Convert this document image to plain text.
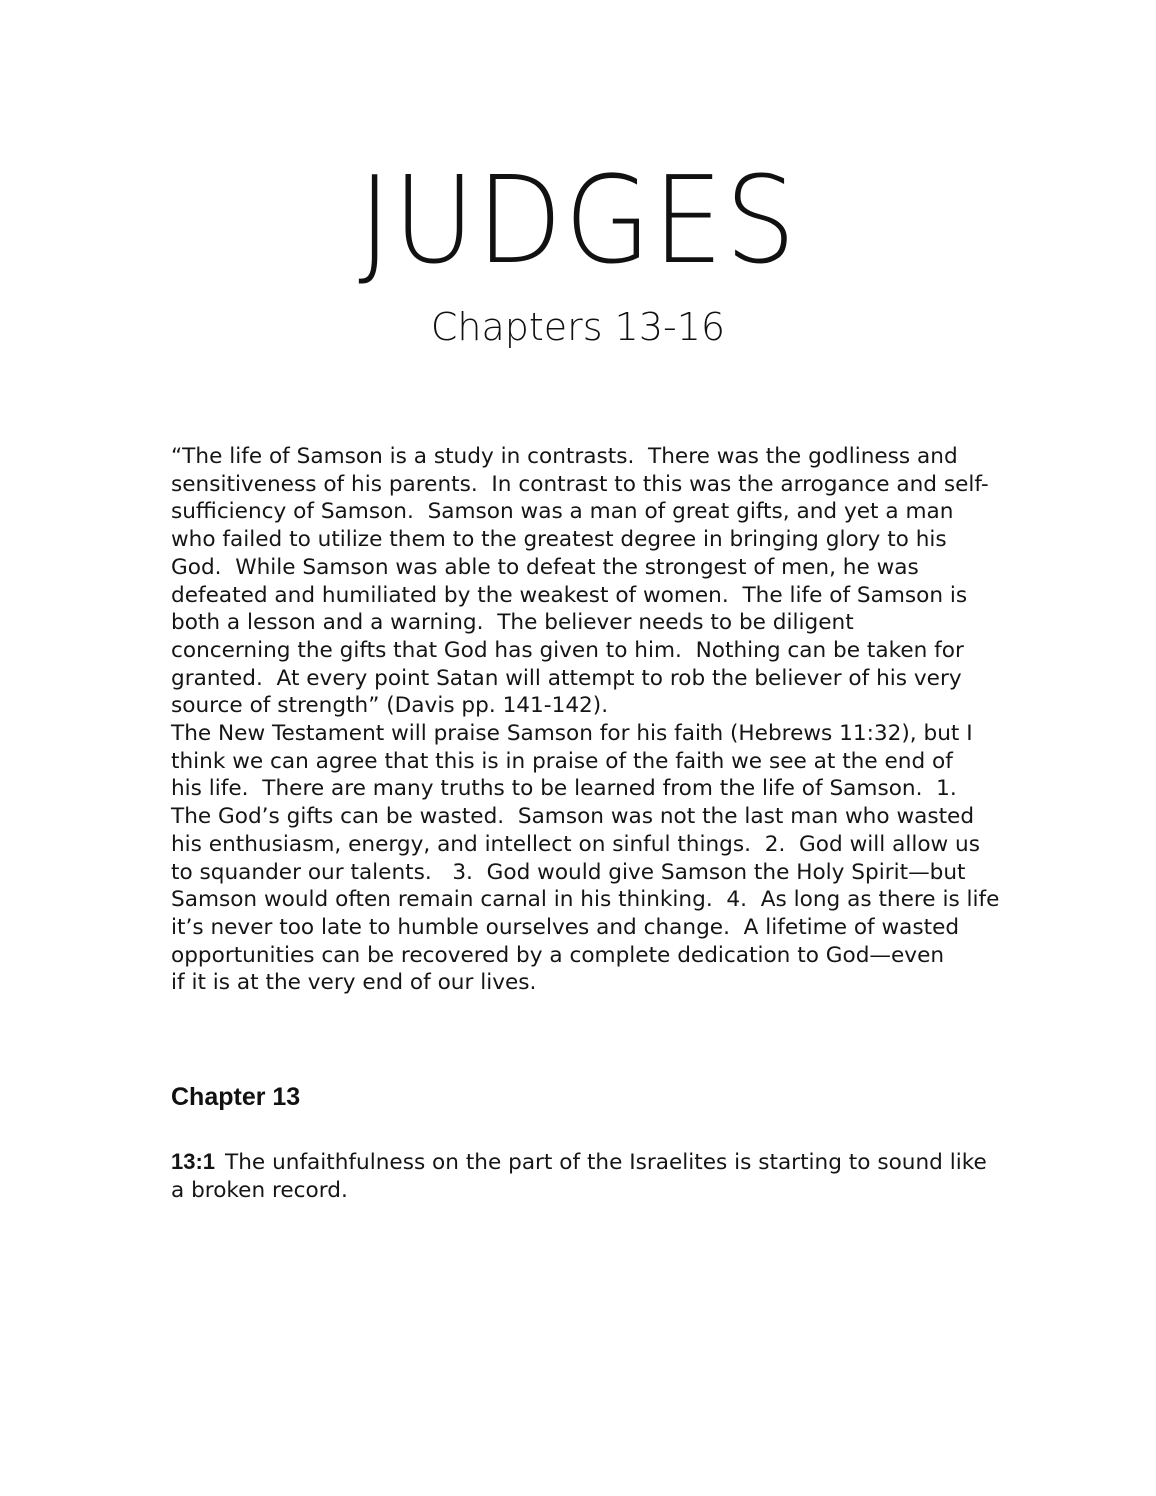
JUDGES
Chapters 13-16
“The life of Samson is a study in contrasts.  There was the godliness and
sensitiveness of his parents.  In contrast to this was the arrogance and self-
sufficiency of Samson.  Samson was a man of great gifts, and yet a man
who failed to utilize them to the greatest degree in bringing glory to his
God.  While Samson was able to defeat the strongest of men, he was
defeated and humiliated by the weakest of women.  The life of Samson is
both a lesson and a warning.  The believer needs to be diligent
concerning the gifts that God has given to him.  Nothing can be taken for
granted.  At every point Satan will attempt to rob the believer of his very
source of strength” (Davis pp. 141-142).
The New Testament will praise Samson for his faith (Hebrews 11:32), but I
think we can agree that this is in praise of the faith we see at the end of
his life.  There are many truths to be learned from the life of Samson.  1.
The God’s gifts can be wasted.  Samson was not the last man who wasted
his enthusiasm, energy, and intellect on sinful things.  2.  God will allow us
to squander our talents.   3.  God would give Samson the Holy Spirit—but
Samson would often remain carnal in his thinking.  4.  As long as there is life
it’s never too late to humble ourselves and change.  A lifetime of wasted
opportunities can be recovered by a complete dedication to God—even
if it is at the very end of our lives.
Chapter 13
13:1 The unfaithfulness on the part of the Israelites is starting to sound like
a broken record.
